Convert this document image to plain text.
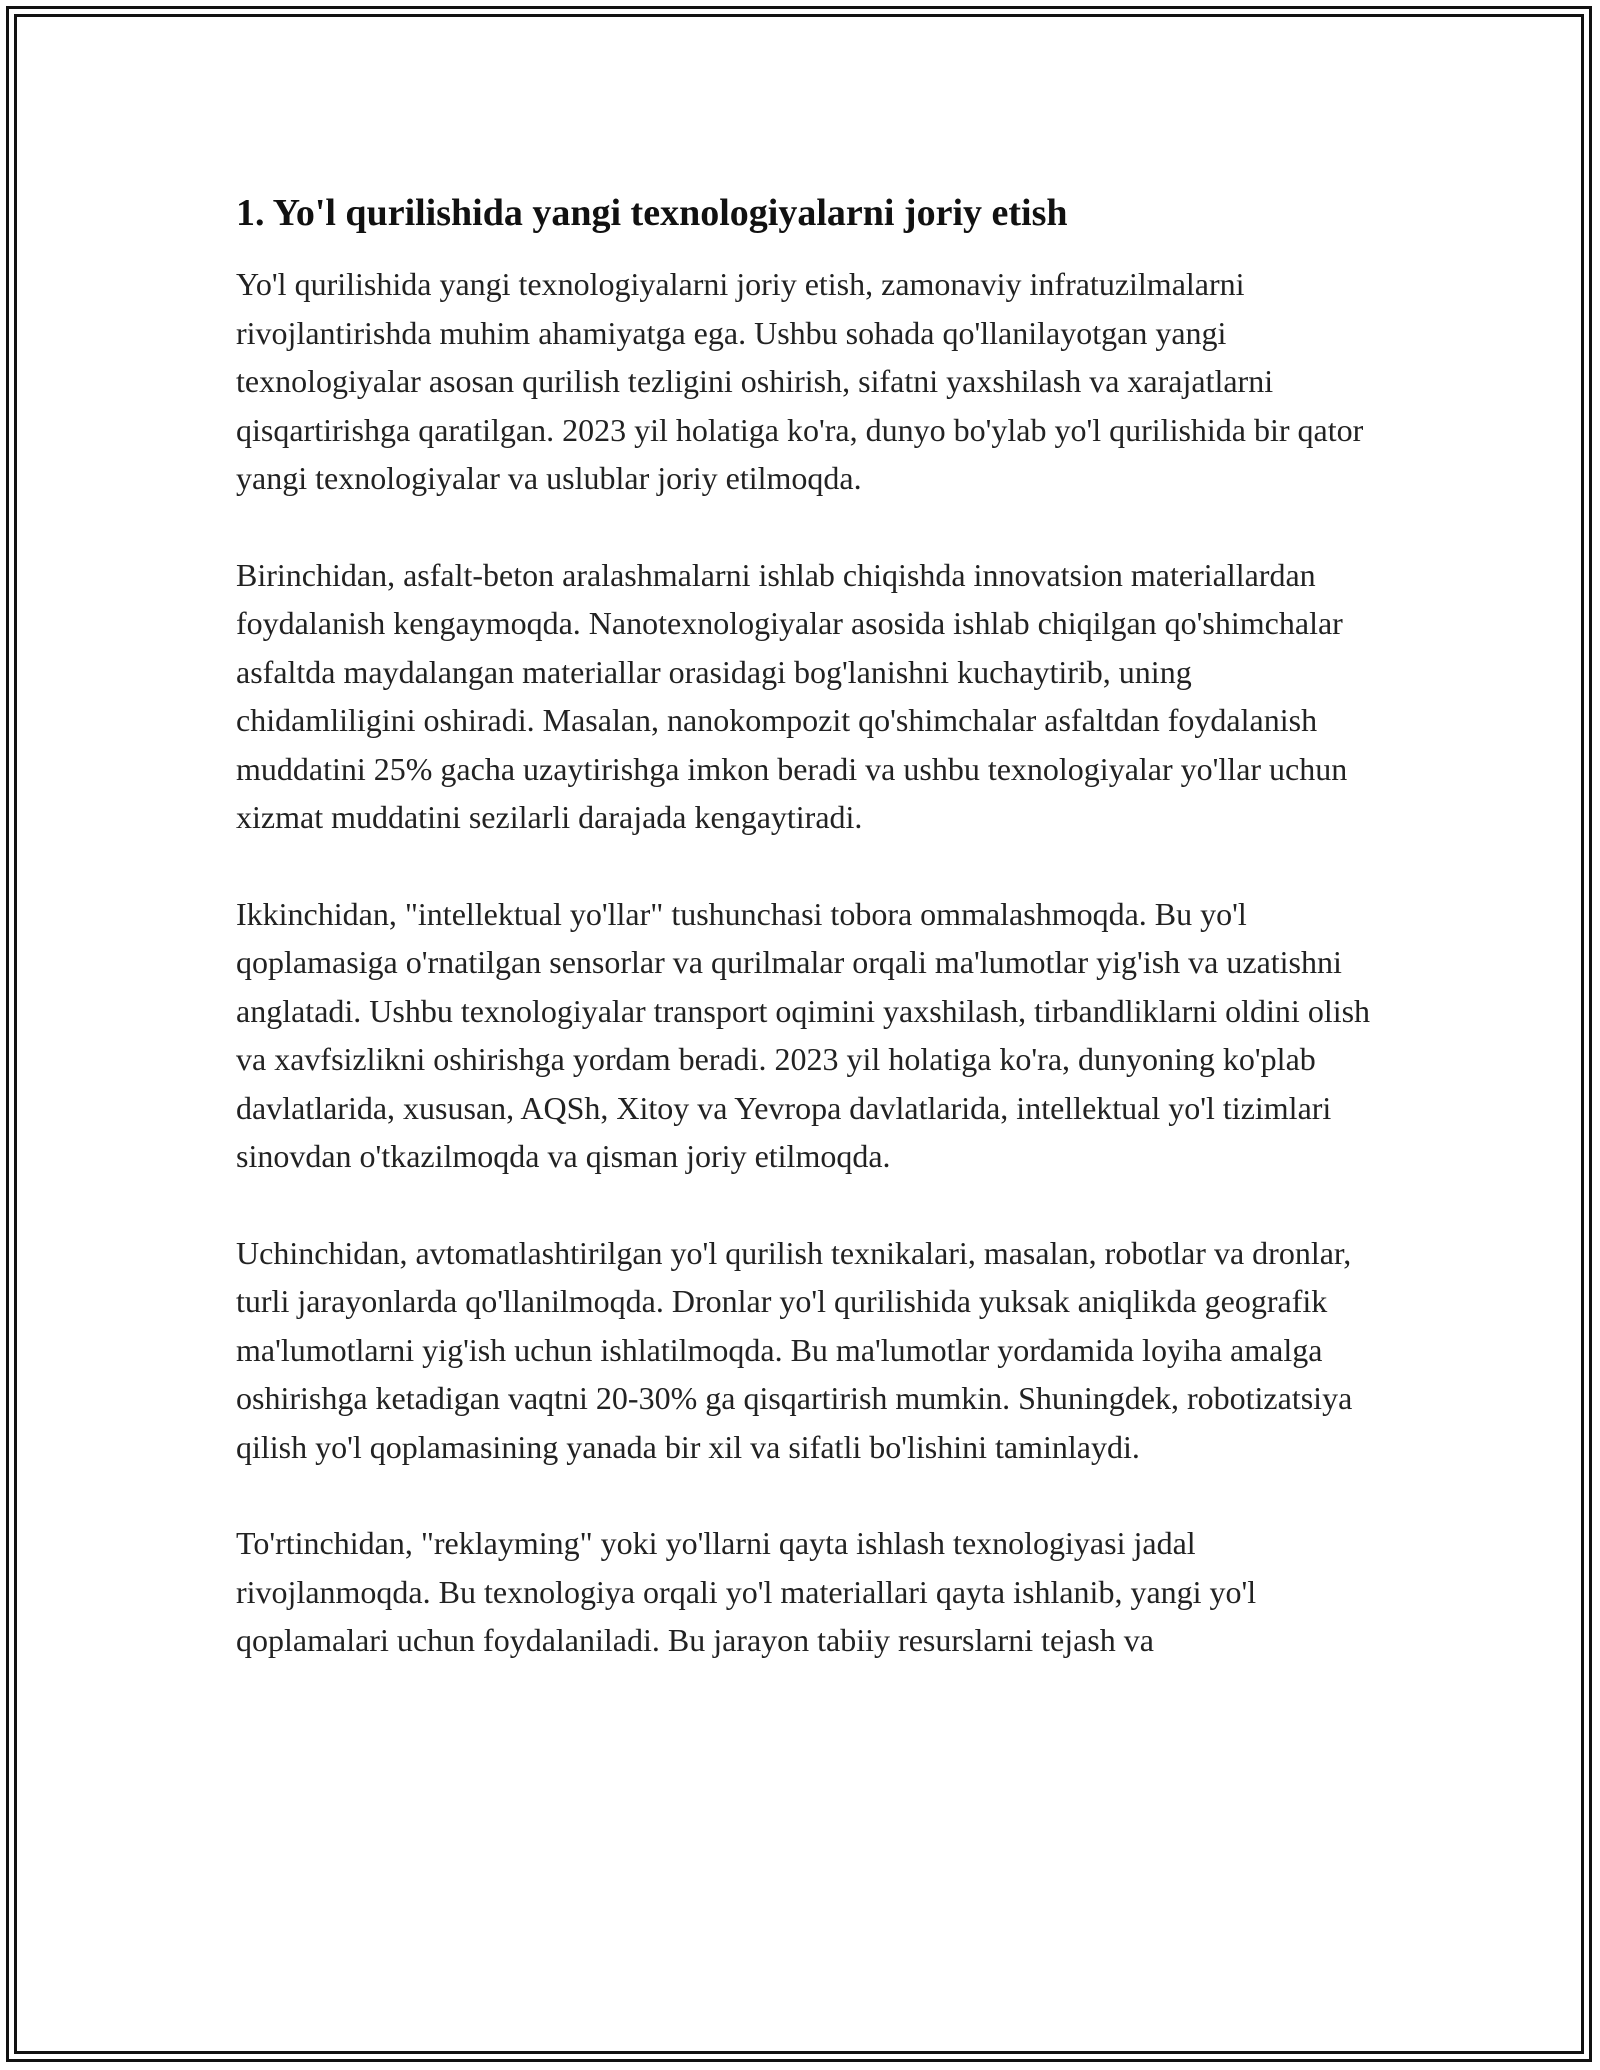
1. Yo'l qurilishida yangi texnologiyalarni joriy etish

Yo'l qurilishida yangi texnologiyalarni joriy etish, zamonaviy infratuzilmalarni rivojlantirishda muhim ahamiyatga ega. Ushbu sohada qo'llanilayotgan yangi texnologiyalar asosan qurilish tezligini oshirish, sifatni yaxshilash va xarajatlarni qisqartirishga qaratilgan. 2023 yil holatiga ko'ra, dunyo bo'ylab yo'l qurilishida bir qator yangi texnologiyalar va uslublar joriy etilmoqda.

Birinchidan, asfalt-beton aralashmalarni ishlab chiqishda innovatsion materiallardan foydalanish kengaymoqda. Nanotexnologiyalar asosida ishlab chiqilgan qo'shimchalar asfaltda maydalangan materiallar orasidagi bog'lanishni kuchaytirib, uning chidamliligini oshiradi. Masalan, nanokompozit qo'shimchalar asfaltdan foydalanish muddatini 25% gacha uzaytirishga imkon beradi va ushbu texnologiyalar yo'llar uchun xizmat muddatini sezilarli darajada kengaytiradi.

Ikkinchidan, "intellektual yo'llar" tushunchasi tobora ommalashmoqda. Bu yo'l qoplamasiga o'rnatilgan sensorlar va qurilmalar orqali ma'lumotlar yig'ish va uzatishni anglatadi. Ushbu texnologiyalar transport oqimini yaxshilash, tirbandliklarni oldini olish va xavfsizlikni oshirishga yordam beradi. 2023 yil holatiga ko'ra, dunyoning ko'plab davlatlarida, xususan, AQSh, Xitoy va Yevropa davlatlarida, intellektual yo'l tizimlari sinovdan o'tkazilmoqda va qisman joriy etilmoqda.

Uchinchidan, avtomatlashtirilgan yo'l qurilish texnikalari, masalan, robotlar va dronlar, turli jarayonlarda qo'llanilmoqda. Dronlar yo'l qurilishida yuksak aniqlikda geografik ma'lumotlarni yig'ish uchun ishlatilmoqda. Bu ma'lumotlar yordamida loyiha amalga oshirishga ketadigan vaqtni 20-30% ga qisqartirish mumkin. Shuningdek, robotizatsiya qilish yo'l qoplamasining yanada bir xil va sifatli bo'lishini taminlaydi.

To'rtinchidan, "reklayming" yoki yo'llarni qayta ishlash texnologiyasi jadal rivojlanmoqda. Bu texnologiya orqali yo'l materiallari qayta ishlanib, yangi yo'l qoplamalari uchun foydalaniladi. Bu jarayon tabiiy resurslarni tejash va
